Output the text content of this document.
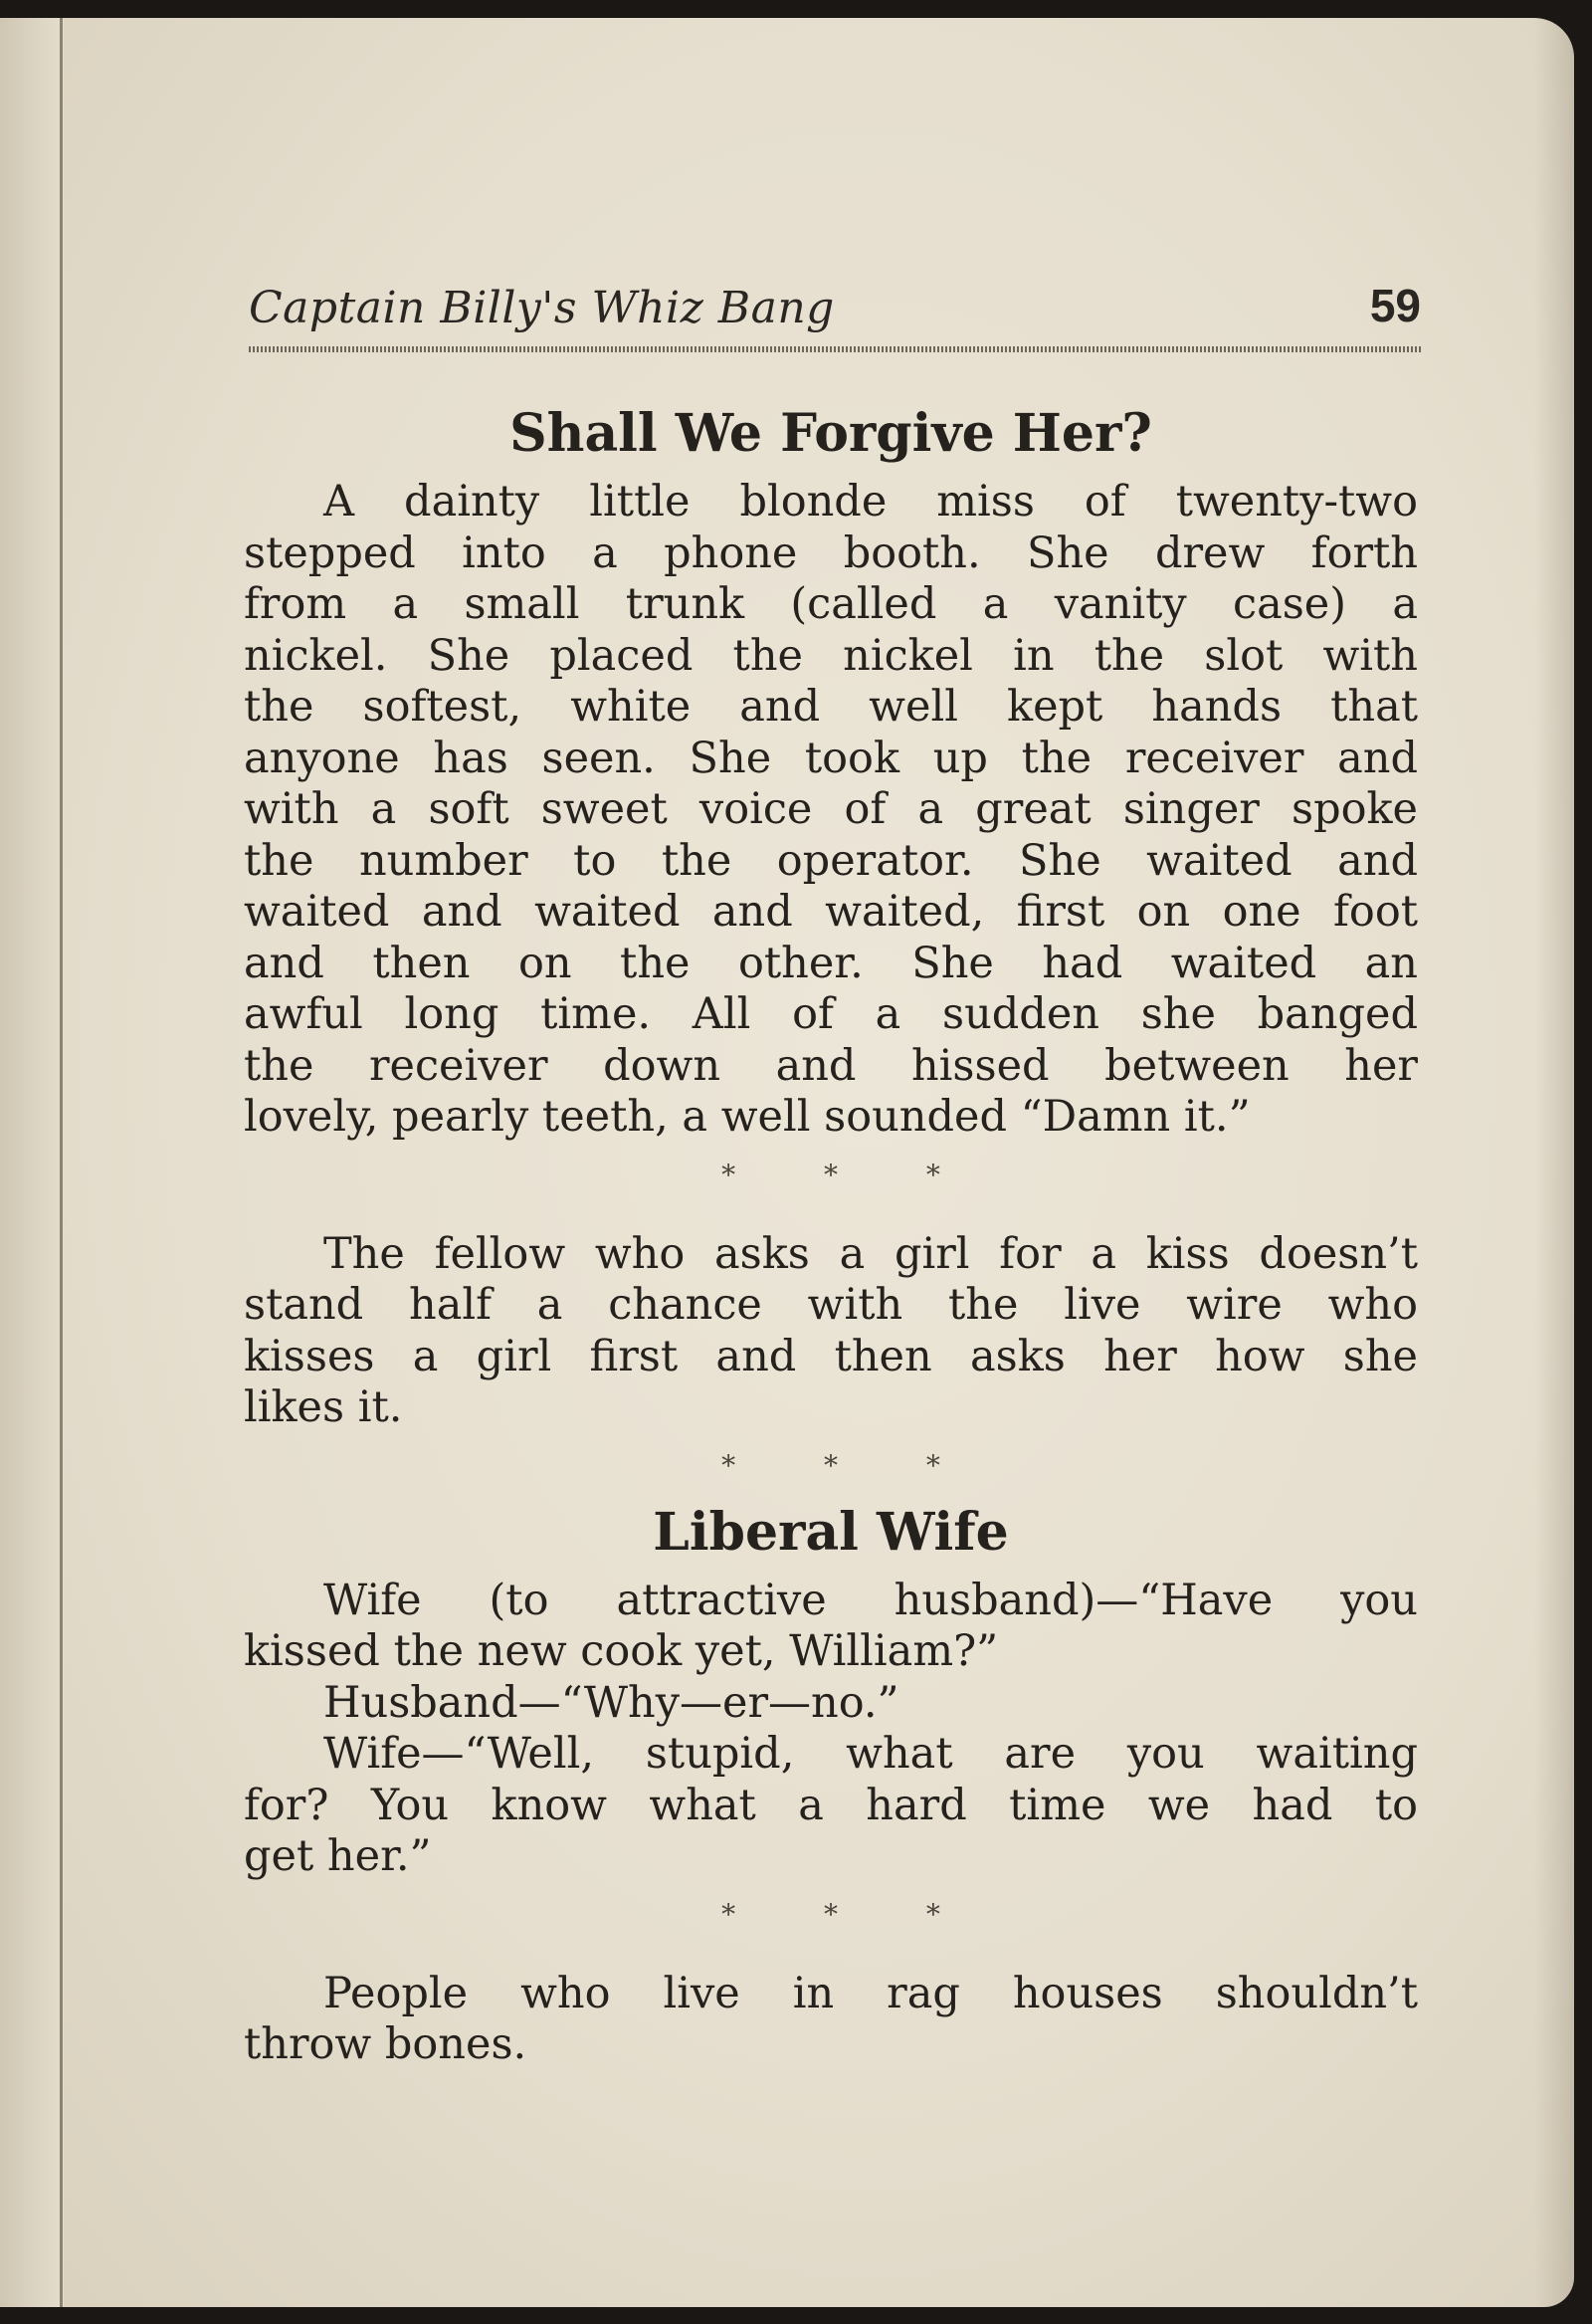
Captain Billy's Whiz Bang	59
Shall We Forgive Her?
A dainty little blonde miss of twenty-two
stepped into a phone booth. She drew forth
from a small trunk (called a vanity case) a
nickel. She placed the nickel in the slot with
the softest, white and well kept hands that
anyone has seen. She took up the receiver and
with a soft sweet voice of a great singer spoke
the number to the operator. She waited and
waited and waited and waited, first on one foot
and then on the other. She had waited an
awful long time. All of a sudden she banged
the receiver down and hissed between her
lovely, pearly teeth, a well sounded “Damn it.”
* * *
The fellow who asks a girl for a kiss doesn’t
stand half a chance with the live wire who
kisses a girl first and then asks her how she
likes it.
* * *
Liberal Wife
Wife (to attractive husband)—“Have you
kissed the new cook yet, William?”
Husband—“Why—er—no.”
Wife—“Well, stupid, what are you waiting
for? You know what a hard time we had to
get her.”
* * *
People who live in rag houses shouldn’t
throw bones.
